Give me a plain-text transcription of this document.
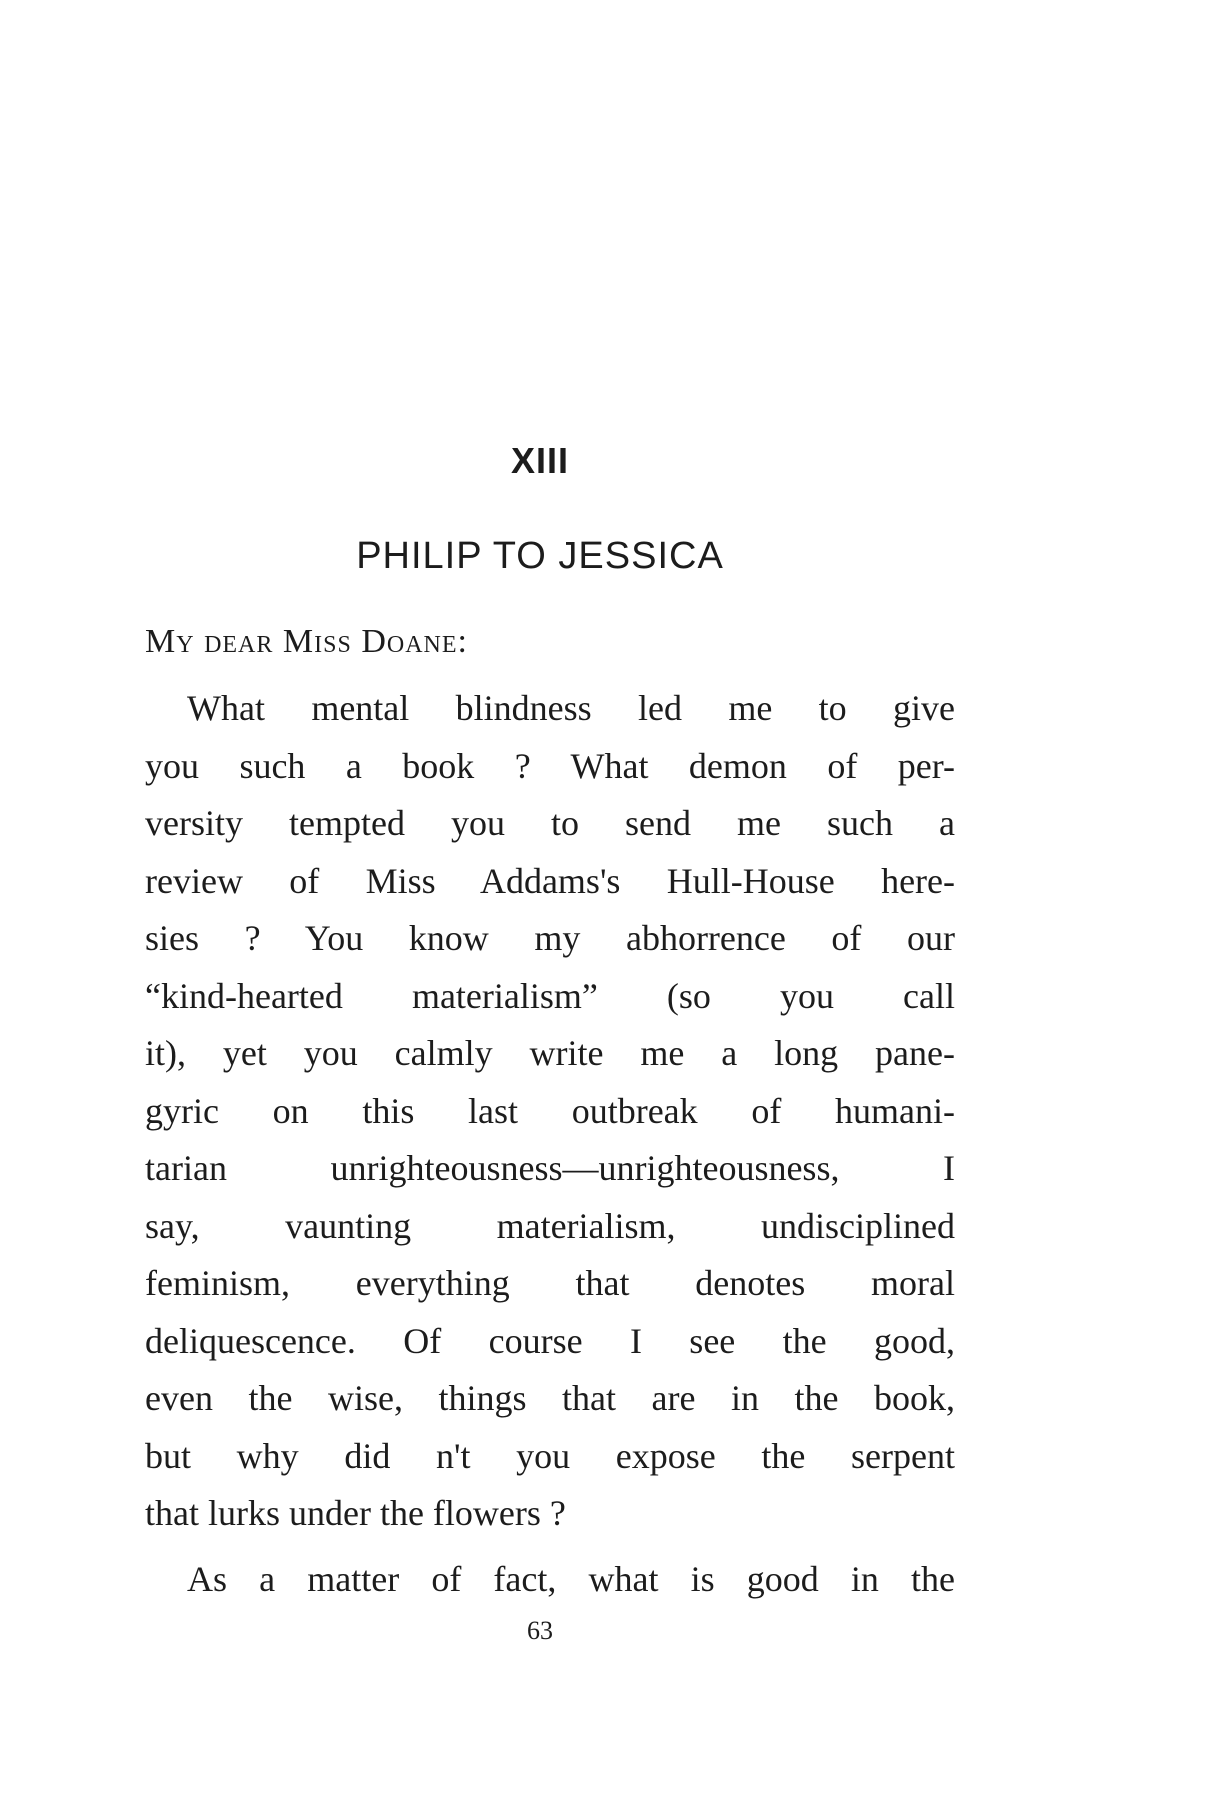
XIII
PHILIP TO JESSICA
My dear Miss Doane:
What mental blindness led me to give
you such a book ? What demon of per-
versity tempted you to send me such a
review of Miss Addams's Hull-House here-
sies ? You know my abhorrence of our
“kind-hearted materialism” (so you call
it), yet you calmly write me a long pane-
gyric on this last outbreak of humani-
tarian unrighteousness—unrighteousness, I
say, vaunting materialism, undisciplined
feminism, everything that denotes moral
deliquescence. Of course I see the good,
even the wise, things that are in the book,
but why did n't you expose the serpent
that lurks under the flowers ?
As a matter of fact, what is good in the
63
